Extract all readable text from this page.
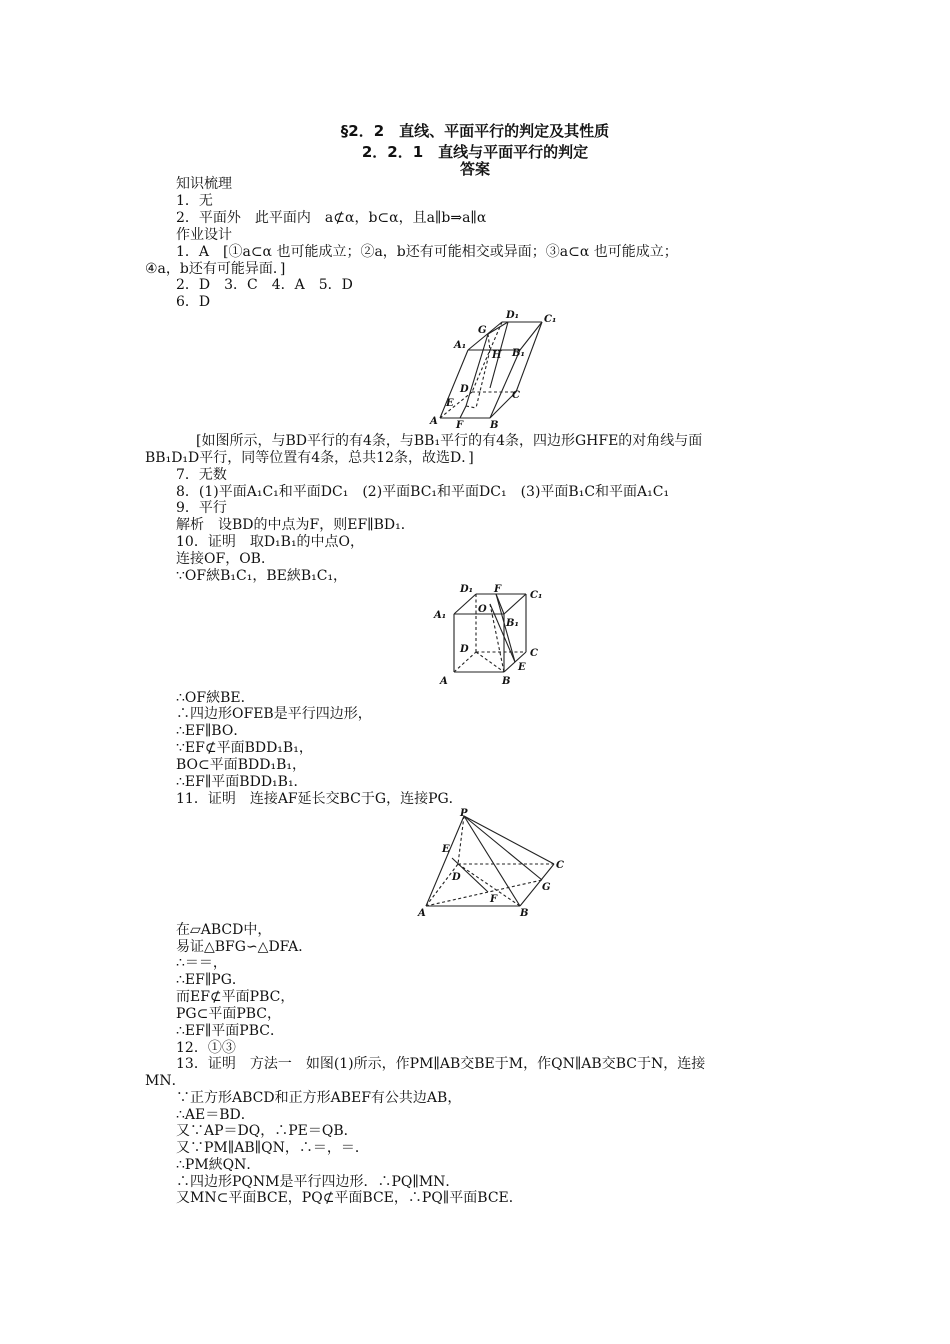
§2．2　直线、平面平行的判定及其性质
2．2．1　直线与平面平行的判定
答案
知识梳理
1．无
2．平面外　此平面内　a⊄α，b⊂α，且a∥b⇒a∥α
作业设计
1．A　[①a⊂α 也可能成立；②a，b还有可能相交或异面；③a⊂α 也可能成立；
④a，b还有可能异面．]
2．D　3．C　4．A　5．D
6．D
D₁ C₁
G
A₁
H B₁
D
C
E
A F	B
[如图所示，与BD平行的有4条，与BB₁平行的有4条，四边形GHFE的对角线与面
BB₁D₁D平行，同等位置有4条，总共12条，故选D．]
7．无数
8．(1)平面A₁C₁和平面DC₁　(2)平面BC₁和平面DC₁　(3)平面B₁C和平面A₁C₁
9．平行
解析　设BD的中点为F，则EF∥BD₁．
10．证明　取D₁B₁的中点O，
连接OF，OB．
∵OF綊B₁C₁，BE綊B₁C₁，
D₁ F
C₁
O
A₁
B₁
D	C
E
A	B
∴OF綊BE．
∴四边形OFEB是平行四边形，
∴EF∥BO．
∵EF⊄平面BDD₁B₁，
BO⊂平面BDD₁B₁，
∴EF∥平面BDD₁B₁．
11．证明　连接AF延长交BC于G，连接PG．
P
E
C
D
G
F
A	B
在▱ABCD中，
易证△BFG∽△DFA．
∴＝＝，
∴EF∥PG．
而EF⊄平面PBC，
PG⊂平面PBC，
∴EF∥平面PBC．
12．①③
13．证明　方法一　如图(1)所示，作PM∥AB交BE于M，作QN∥AB交BC于N，连接
MN．
∵正方形ABCD和正方形ABEF有公共边AB，
∴AE＝BD．
又∵AP＝DQ，∴PE＝QB．
又∵PM∥AB∥QN，∴＝，＝．
∴PM綊QN．
∴四边形PQNM是平行四边形．∴PQ∥MN．
又MN⊂平面BCE，PQ⊄平面BCE，∴PQ∥平面BCE．
